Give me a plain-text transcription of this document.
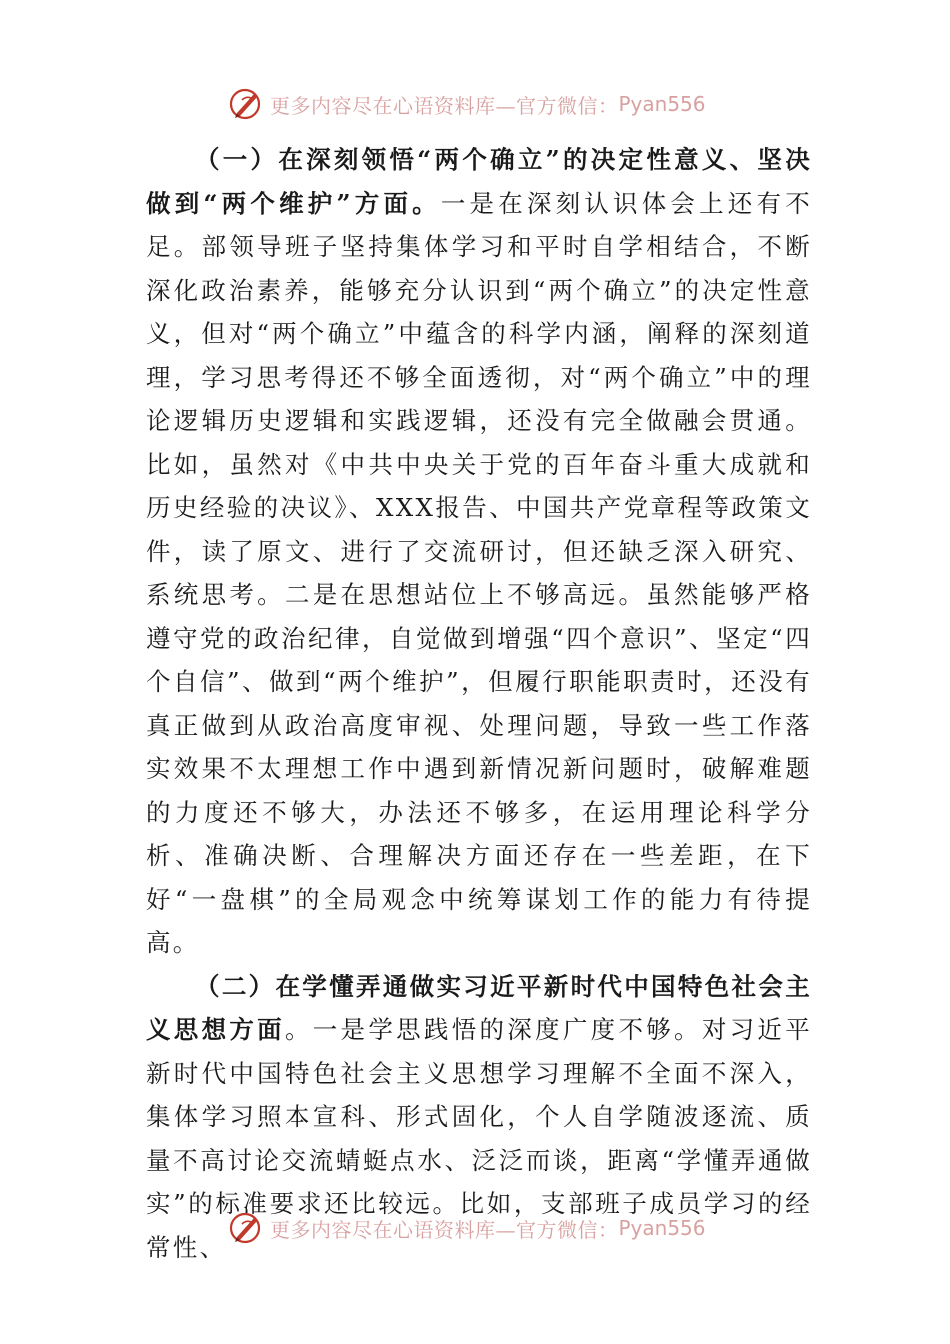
更多内容尽在心语资料库—官方微信： Pyan556

（一）在深刻领悟“两个确立”的决定性意义、坚决做到“两个维护”方面。一是在深刻认识体会上还有不足。部领导班子坚持集体学习和平时自学相结合，不断深化政治素养，能够充分认识到“两个确立”的决定性意义，但对“两个确立”中蕴含的科学内涵，阐释的深刻道理，学习思考得还不够全面透彻，对“两个确立”中的理论逻辑历史逻辑和实践逻辑，还没有完全做融会贯通。比如，虽然对《中共中央关于党的百年奋斗重大成就和历史经验的决议》、XXX报告、中国共产党章程等政策文件，读了原文、进行了交流研讨，但还缺乏深入研究、系统思考。二是在思想站位上不够高远。虽然能够严格遵守党的政治纪律，自觉做到增强“四个意识”、坚定“四个自信”、做到“两个维护”，但履行职能职责时，还没有真正做到从政治高度审视、处理问题，导致一些工作落实效果不太理想工作中遇到新情况新问题时，破解难题的力度还不够大，办法还不够多，在运用理论科学分析、准确决断、合理解决方面还存在一些差距，在下好“一盘棋”的全局观念中统筹谋划工作的能力有待提高。

（二）在学懂弄通做实习近平新时代中国特色社会主义思想方面。一是学思践悟的深度广度不够。对习近平新时代中国特色社会主义思想学习理解不全面不深入，集体学习照本宣科、形式固化，个人自学随波逐流、质量不高讨论交流蜻蜓点水、泛泛而谈，距离“学懂弄通做实”的标准要求还比较远。比如，支部班子成员学习的经常性、

更多内容尽在心语资料库—官方微信： Pyan556
